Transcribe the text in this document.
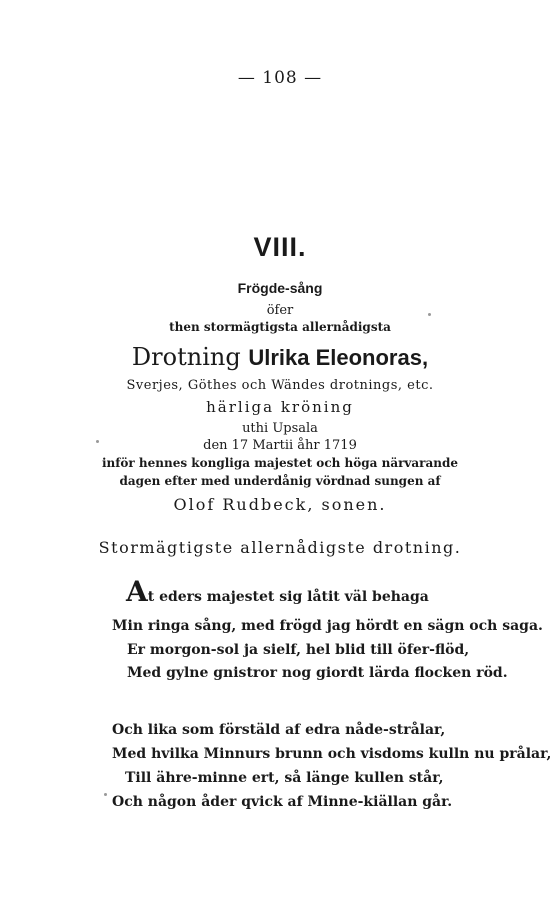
— 108 —
VIII.
Frögde-sång
öfer
then stormägtigsta allernådigsta
Drotning Ulrika Eleonoras,
Sverjes, Göthes och Wändes drotnings, etc.
härliga kröning
uthi Upsala
den 17 Martii åhr 1719
inför hennes kongliga majestet och höga närvarande
dagen efter med underdånig vördnad sungen af
Olof Rudbeck, sonen.
Stormägtigste allernådigste drotning.
At eders majestet sig låtit väl behaga
Min ringa sång, med frögd jag hördt en sägn och saga.
Er morgon-sol ja sielf, hel blid till öfer-flöd,
Med gylne gnistror nog giordt lärda flocken röd.
Och lika som förstäld af edra nåde-strålar,
Med hvilka Minnurs brunn och visdoms kulln nu prålar,
Till ähre-minne ert, så länge kullen står,
Och någon åder qvick af Minne-kiällan går.
